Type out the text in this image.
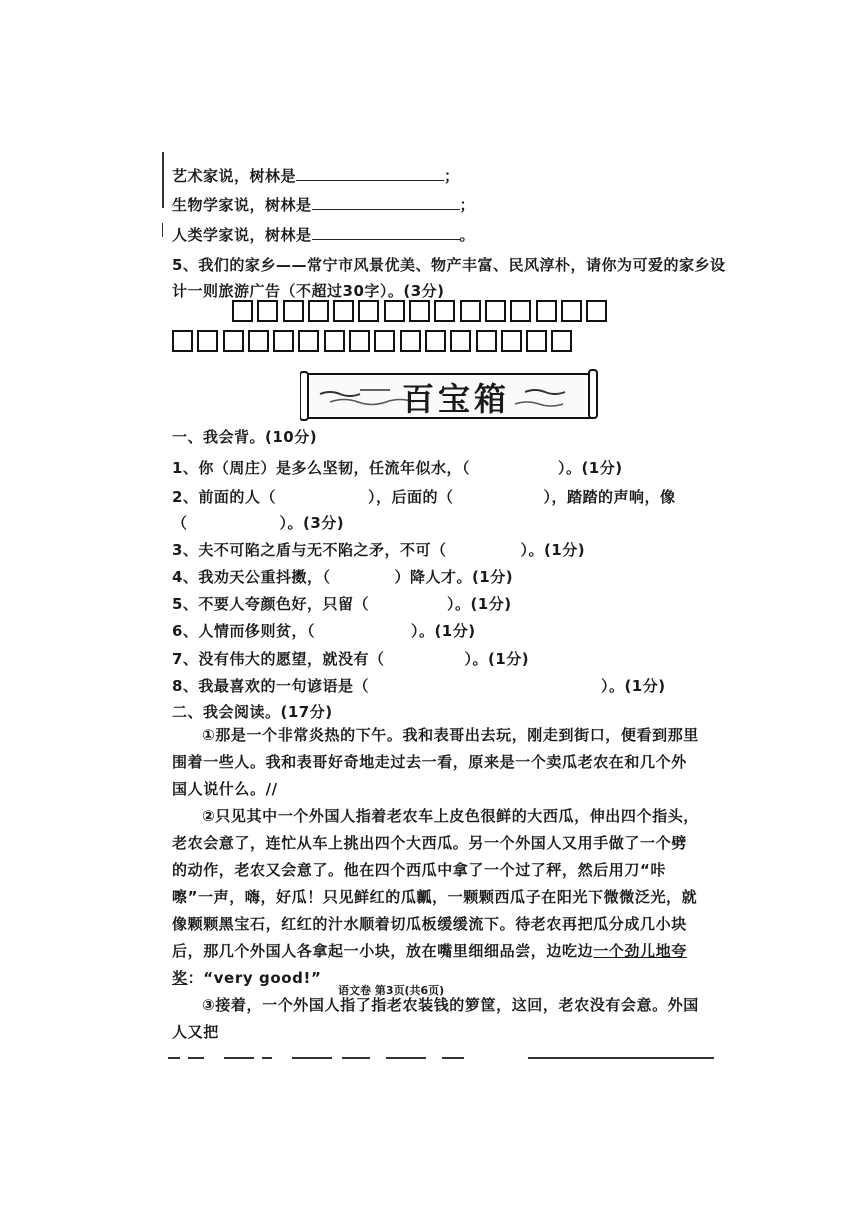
艺术家说，树林是	；
生物学家说，树林是	；
人类学家说，树林是	。
5、我们的家乡——常宁市风景优美、物产丰富、民风淳朴，请你为可爱的家乡设
计一则旅游广告（不超过30字）。(3分)
百宝箱
一、我会背。(10分)
1、你（周庄）是多么坚韧，任流年似水，（	）。(1分)
2、前面的人（	），后面的（	），踏踏的声响，像
（	）。(3分)
3、夫不可陷之盾与无不陷之矛，不可（	）。(1分)
4、我劝天公重抖擞，（	）降人才。(1分)
5、不要人夸颜色好，只留（	）。(1分)
6、人情而侈则贫，（	）。(1分)
7、没有伟大的愿望，就没有（	）。(1分)
8、我最喜欢的一句谚语是（	）。(1分)
二、我会阅读。(17分)

①那是一个非常炎热的下午。我和表哥出去玩，刚走到街口，便看到那里围着一些人。我和表哥好奇地走过去一看，原来是一个卖瓜老农在和几个外国人说什么。//

②只见其中一个外国人指着老农车上皮色很鲜的大西瓜，伸出四个指头，老农会意了，连忙从车上挑出四个大西瓜。另一个外国人又用手做了一个劈的动作，老农又会意了。他在四个西瓜中拿了一个过了秤，然后用刀“咔嚓”一声，嗨，好瓜！只见鲜红的瓜瓤，一颗颗西瓜子在阳光下微微泛光，就像颗颗黑宝石，红红的汁水顺着切瓜板缓缓流下。待老农再把瓜分成几小块后，那几个外国人各拿起一小块，放在嘴里细细品尝，边吃边一个劲儿地夸奖：“very good!”

③接着，一个外国人指了指老农装钱的箩筐，这回，老农没有会意。外国人又把

语文卷 第3页(共6页)
